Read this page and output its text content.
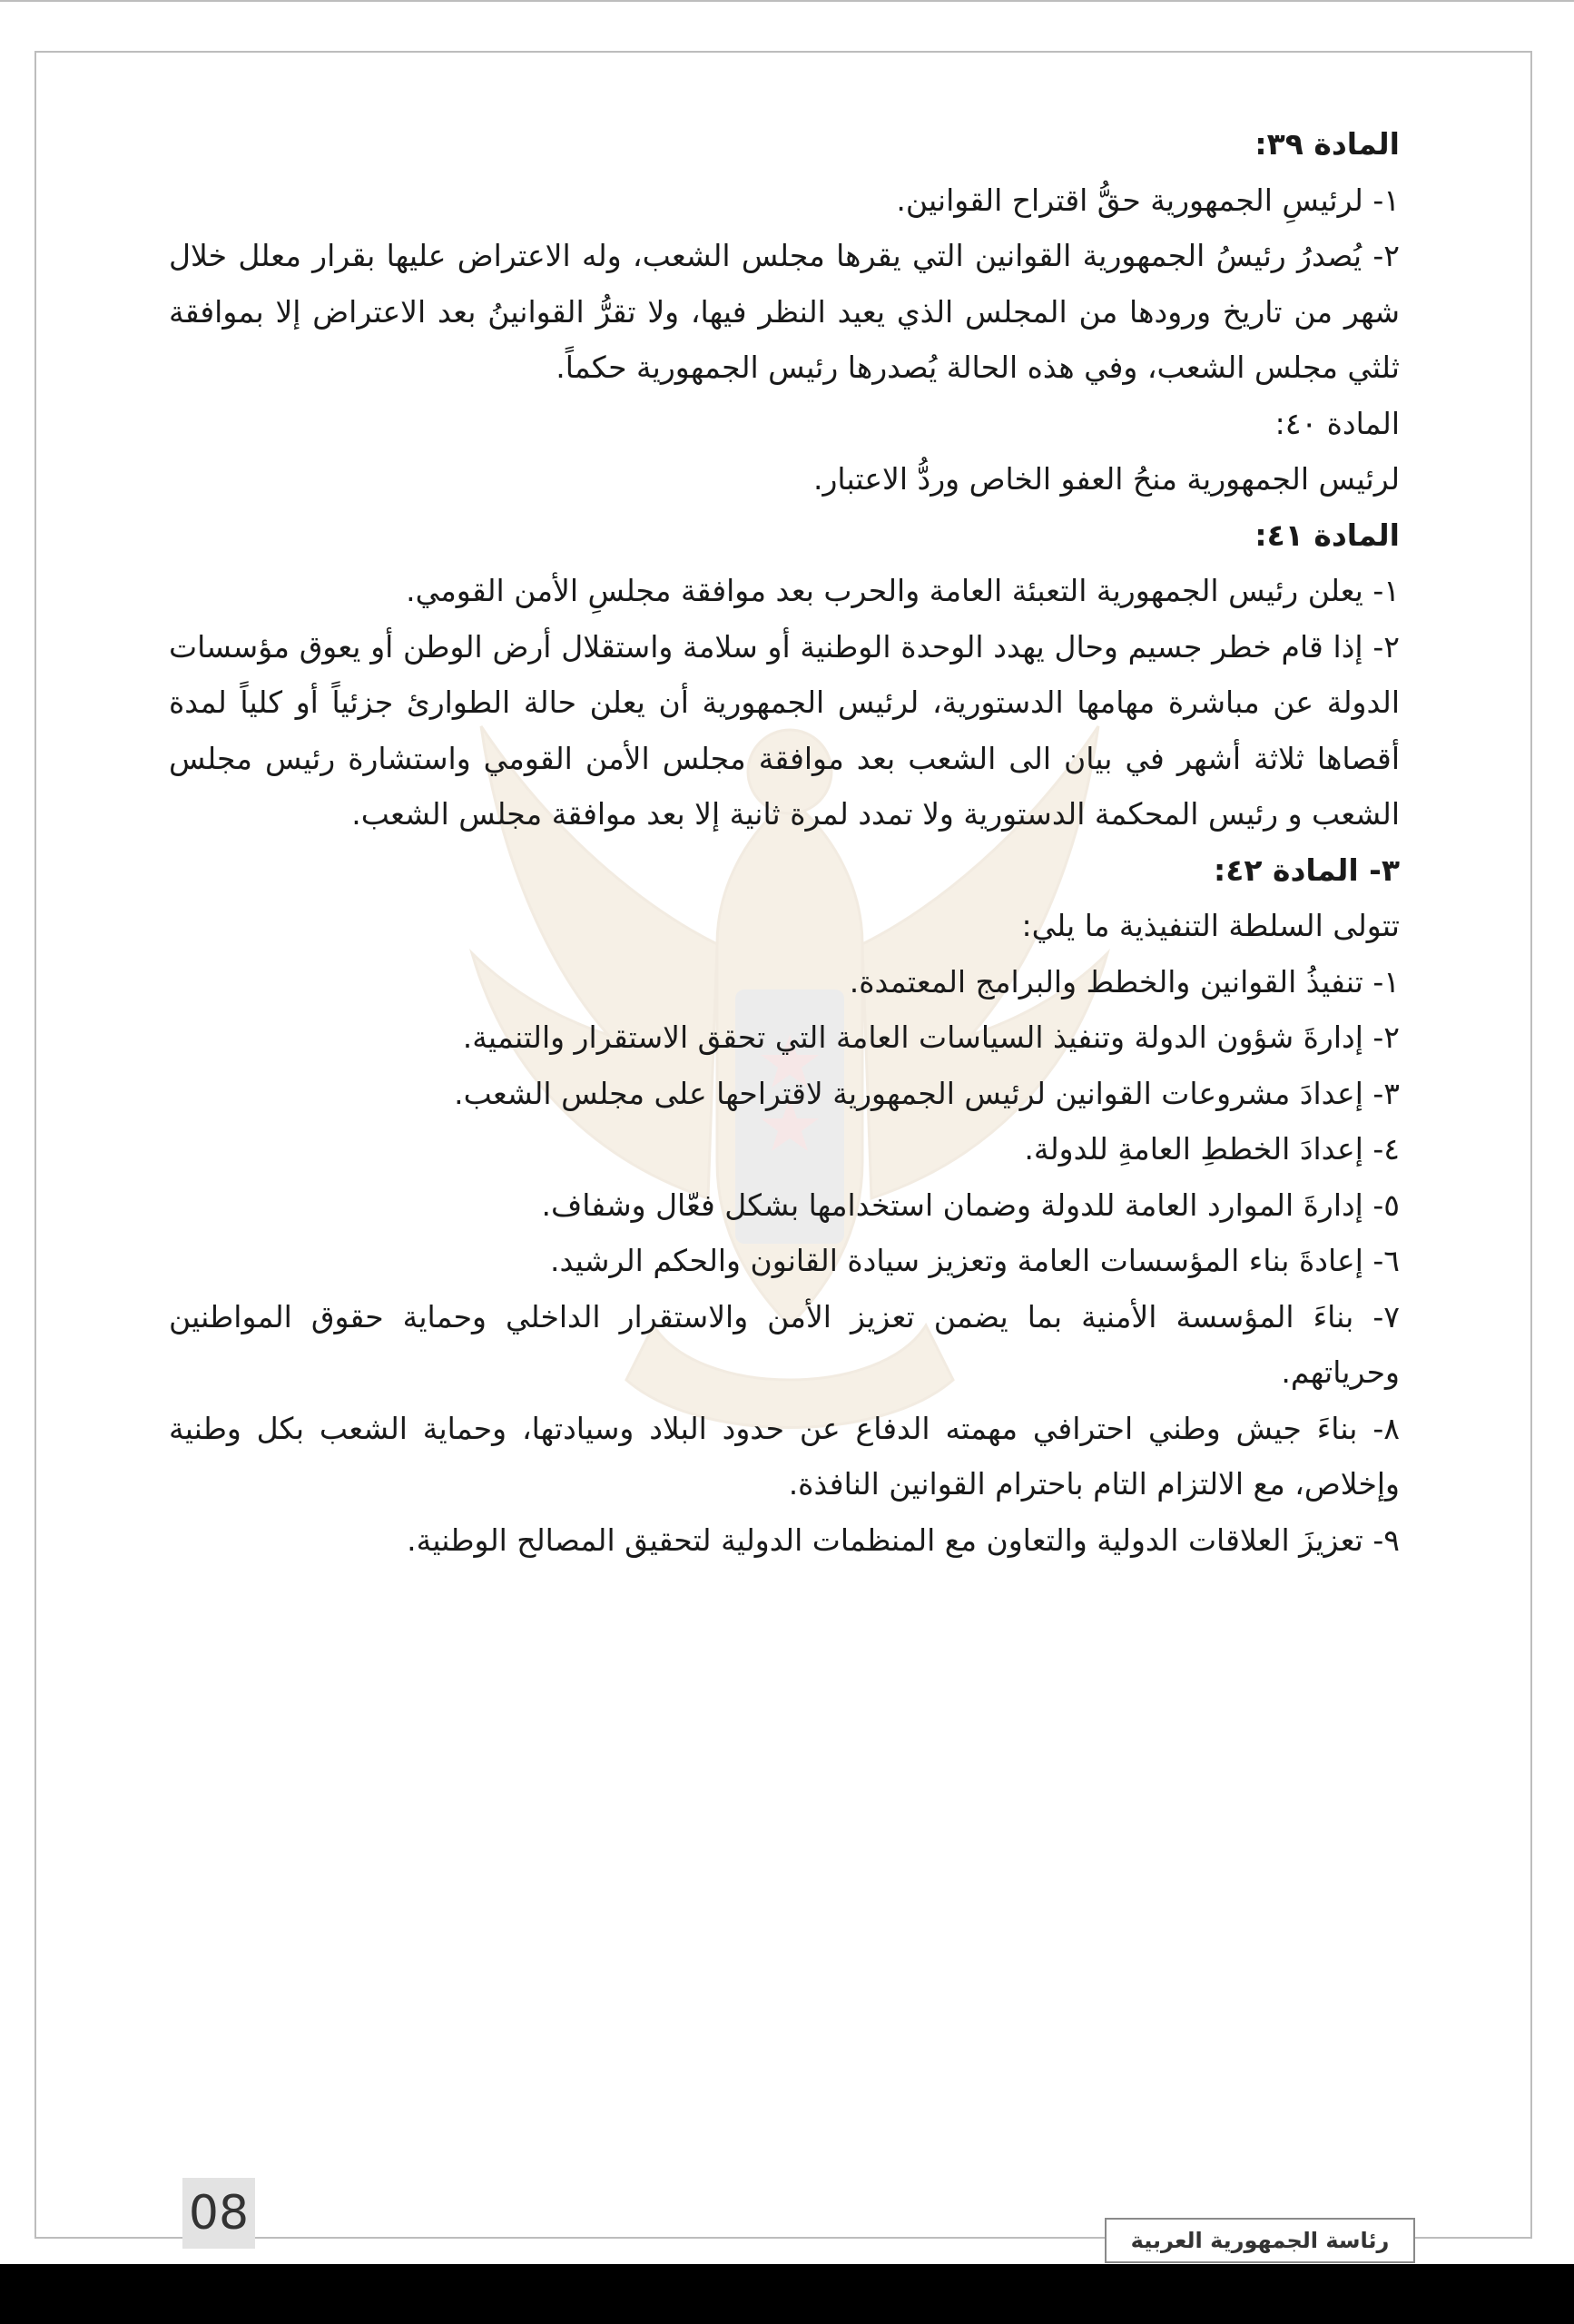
المادة ٣٩:

١- لرئيسِ الجمهورية حقُّ اقتراح القوانين.

٢- يُصدرُ رئيسُ الجمهورية القوانين التي يقرها مجلس الشعب، وله الاعتراض عليها بقرار معلل خلال شهر من تاريخ ورودها من المجلس الذي يعيد النظر فيها، ولا تقرُّ القوانينُ بعد الاعتراض إلا بموافقة ثلثي مجلس الشعب، وفي هذه الحالة يُصدرها رئيس الجمهورية حكماً.

المادة ٤٠:

لرئيس الجمهورية منحُ العفو الخاص وردُّ الاعتبار.

المادة ٤١:

١- يعلن رئيس الجمهورية التعبئة العامة والحرب بعد موافقة مجلسِ الأمن القومي.

٢- إذا قام خطر جسيم وحال يهدد الوحدة الوطنية أو سلامة واستقلال أرض الوطن أو يعوق مؤسسات الدولة عن مباشرة مهامها الدستورية، لرئيس الجمهورية أن يعلن حالة الطوارئ جزئياً أو كلياً لمدة أقصاها ثلاثة أشهر في بيان الى الشعب بعد موافقة مجلس الأمن القومي واستشارة رئيس مجلس الشعب و رئيس المحكمة الدستورية ولا تمدد لمرة ثانية إلا بعد موافقة مجلس الشعب.

٣- المادة ٤٢:

تتولى السلطة التنفيذية ما يلي:

١- تنفيذُ القوانين والخطط والبرامج المعتمدة.

٢- إدارةَ شؤون الدولة وتنفيذ السياسات العامة التي تحقق الاستقرار والتنمية.

٣- إعدادَ مشروعات القوانين لرئيس الجمهورية لاقتراحها على مجلس الشعب.

٤- إعدادَ الخططِ العامةِ للدولة.

٥- إدارةَ الموارد العامة للدولة وضمان استخدامها بشكل فعّال وشفاف.

٦- إعادةَ بناء المؤسسات العامة وتعزيز سيادة القانون والحكم الرشيد.

٧- بناءَ المؤسسة الأمنية بما يضمن تعزيز الأمن والاستقرار الداخلي وحماية حقوق المواطنين وحرياتهم.

٨- بناءَ جيش وطني احترافي مهمته الدفاع عن حدود البلاد وسيادتها، وحماية الشعب بكل وطنية وإخلاص، مع الالتزام التام باحترام القوانين النافذة.

٩- تعزيزَ العلاقات الدولية والتعاون مع المنظمات الدولية لتحقيق المصالح الوطنية.

08	رئاسة الجمهورية العربية
